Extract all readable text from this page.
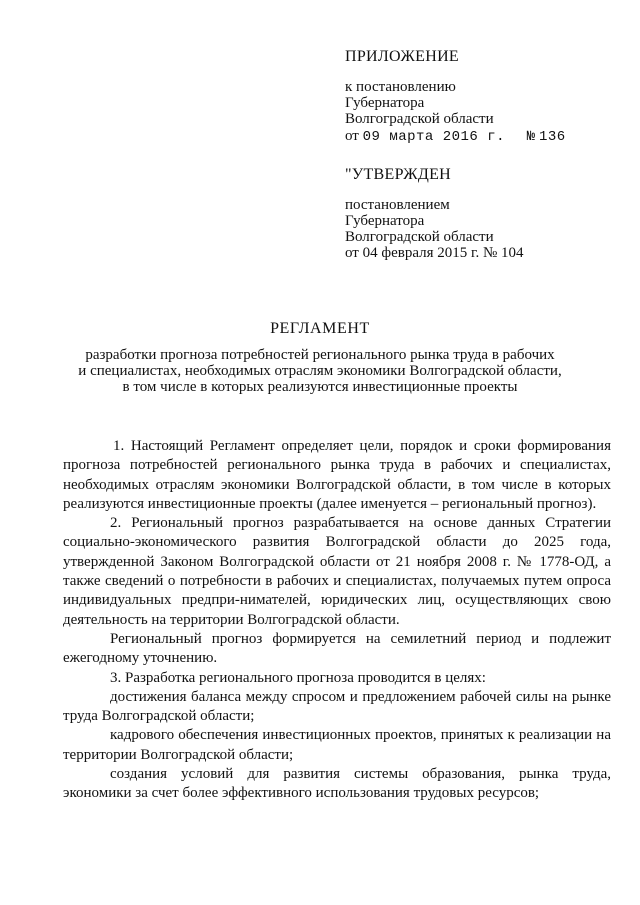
ПРИЛОЖЕНИЕ
к постановлению
Губернатора
Волгоградской области
от 09 марта 2016 г. № 136
"УТВЕРЖДЕН
постановлением
Губернатора
Волгоградской области
от 04 февраля 2015 г. № 104
РЕГЛАМЕНТ
разработки прогноза потребностей регионального рынка труда в рабочих
и специалистах, необходимых отраслям экономики Волгоградской области,
в том числе в которых реализуются инвестиционные проекты

1. Настоящий Регламент определяет цели, порядок и сроки формирования прогноза потребностей регионального рынка труда в рабочих и специалистах, необходимых отраслям экономики Волгоградской области, в том числе в которых реализуются инвестиционные проекты (далее именуется – региональный прогноз).

2. Региональный прогноз разрабатывается на основе данных Стратегии социально-экономического развития Волгоградской области до 2025 года, утвержденной Законом Волгоградской области от 21 ноября 2008 г. № 1778-ОД, а также сведений о потребности в рабочих и специалистах, получаемых путем опроса индивидуальных предпри-нимателей, юридических лиц, осуществляющих свою деятельность на территории Волгоградской области.

Региональный прогноз формируется на семилетний период и подлежит ежегодному уточнению.

3. Разработка регионального прогноза проводится в целях:

достижения баланса между спросом и предложением рабочей силы на рынке труда Волгоградской области;

кадрового обеспечения инвестиционных проектов, принятых к реализации на территории Волгоградской области;

создания условий для развития системы образования, рынка труда, экономики за счет более эффективного использования трудовых ресурсов;
